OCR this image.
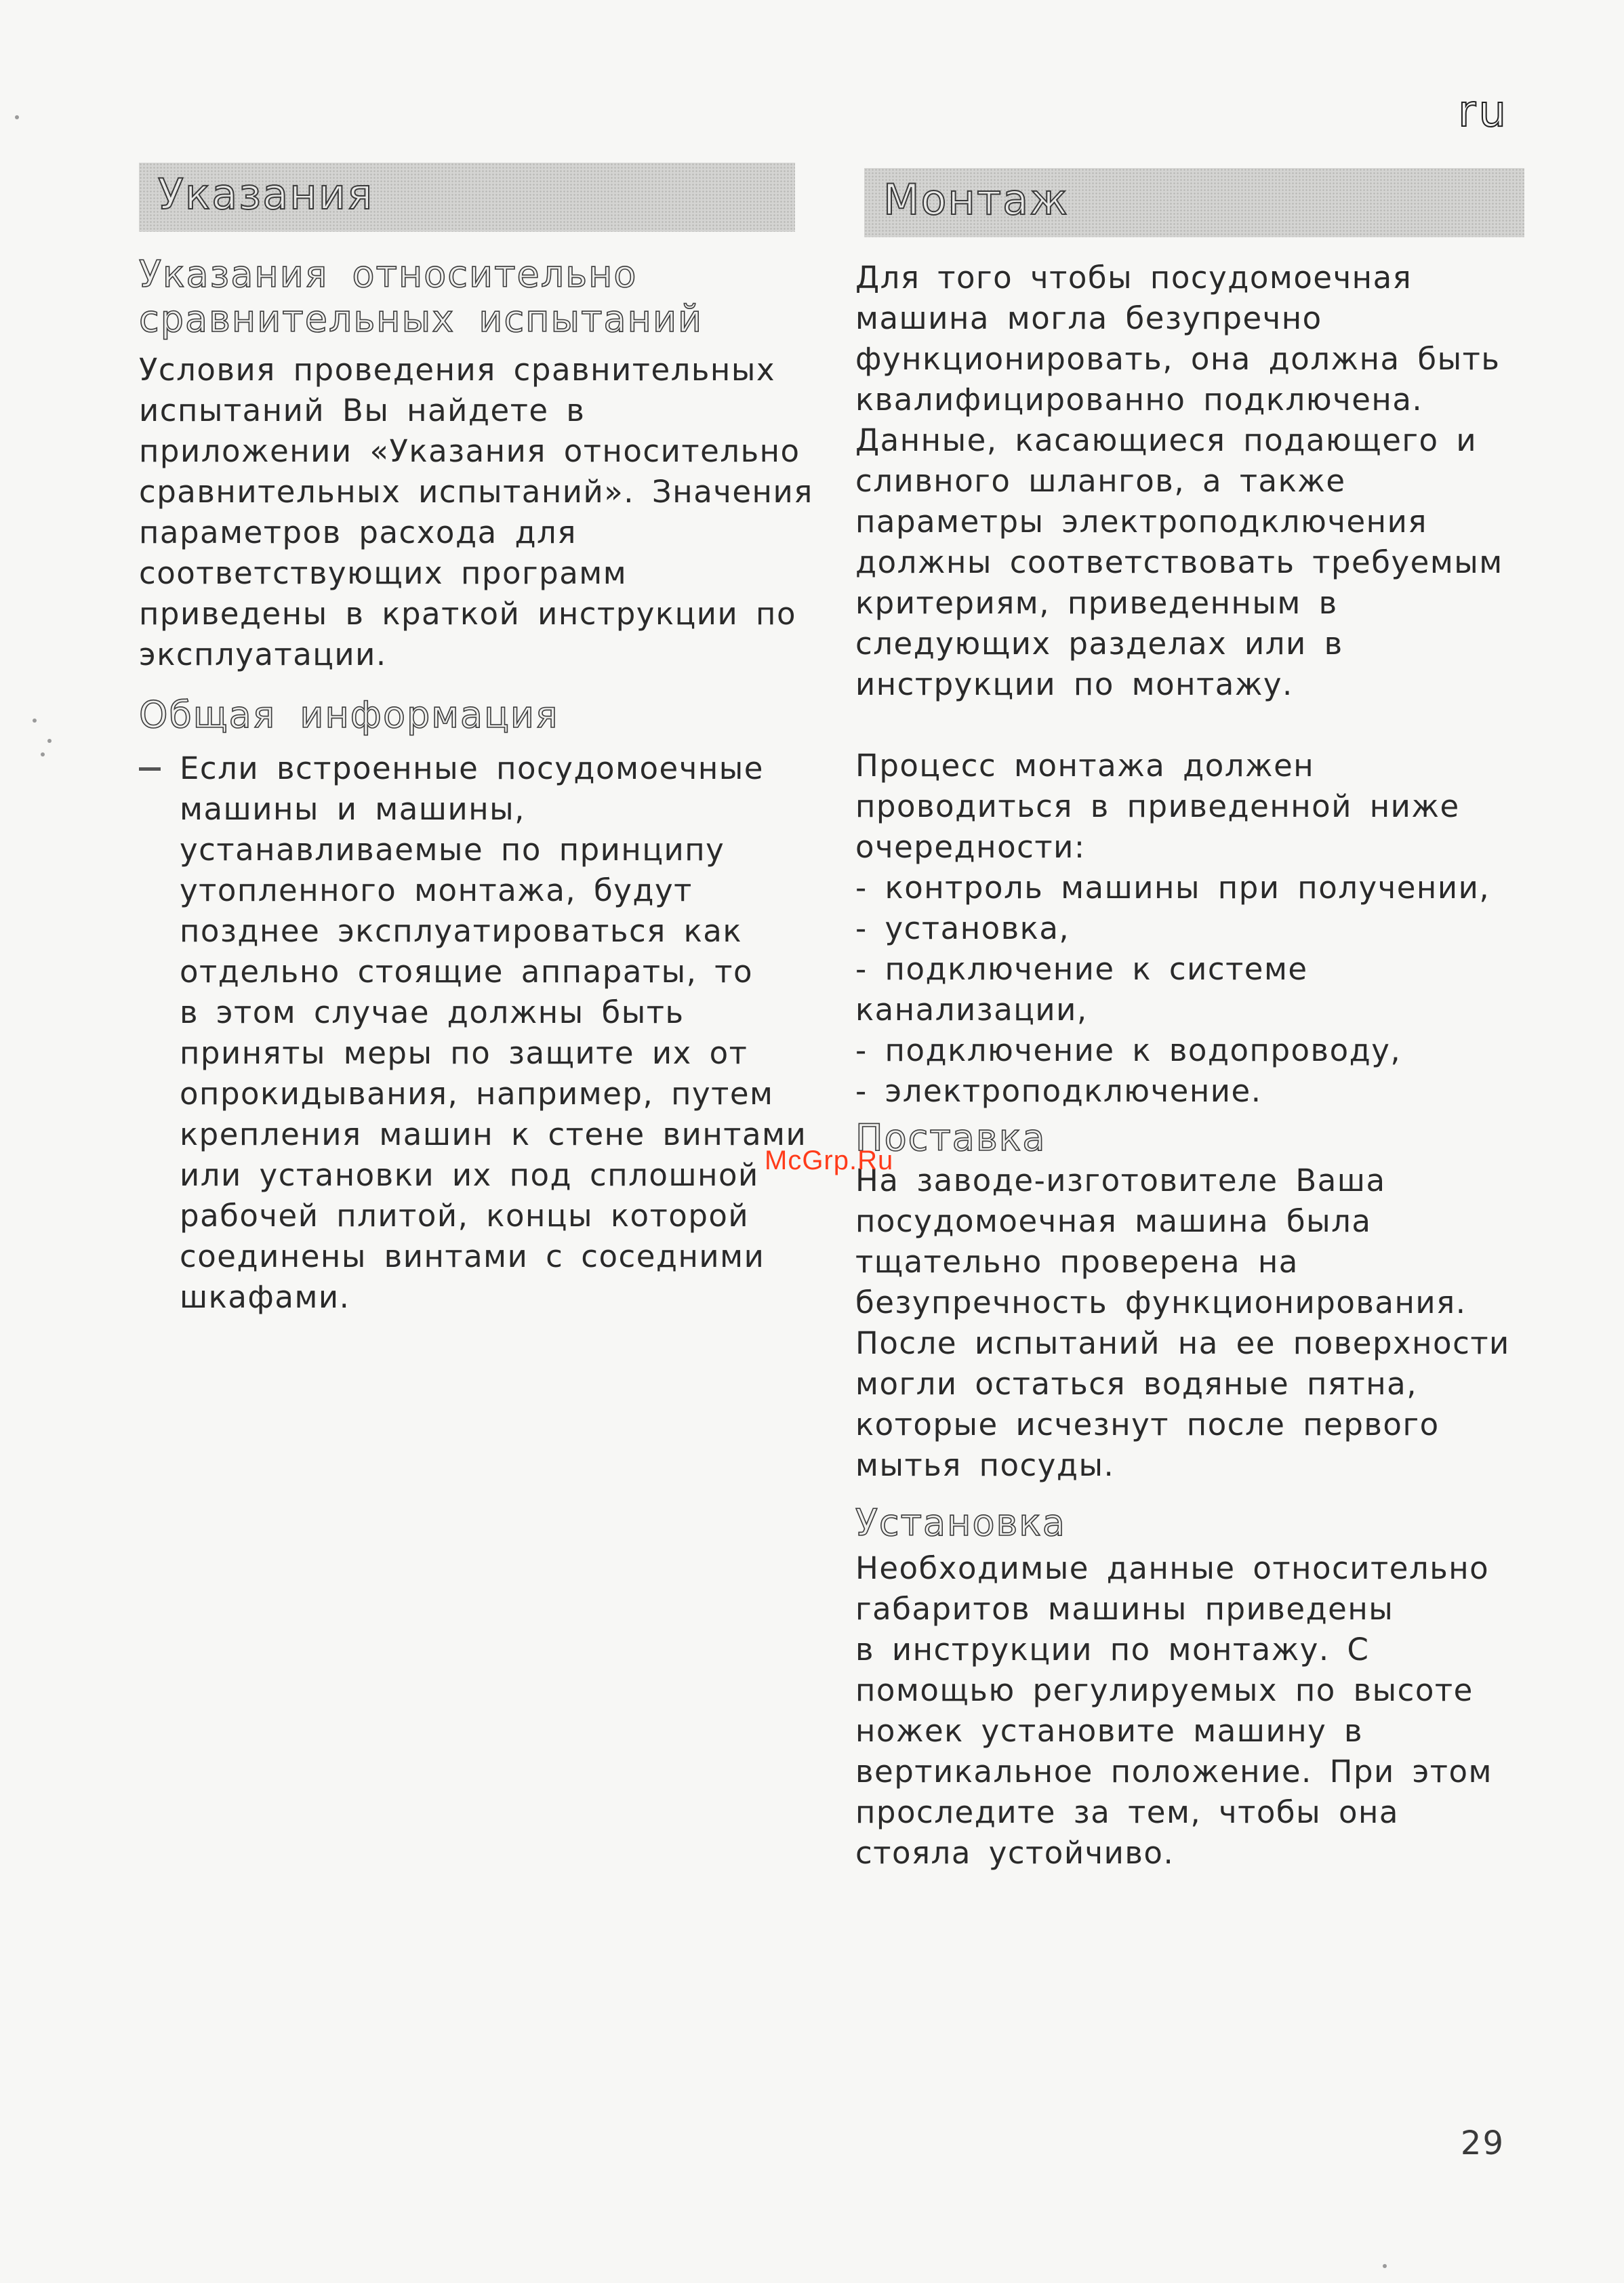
ru
Указания
Указания относительно
сравнительных испытаний
Условия проведения сравнительных
испытаний Вы найдете в
приложении «Указания относительно
сравнительных испытаний». Значения
параметров расхода для
соответствующих программ
приведены в краткой инструкции по
эксплуатации.
Общая информация
Если встроенные посудомоечные
машины и машины,
устанавливаемые по принципу
утопленного монтажа, будут
позднее эксплуатироваться как
отдельно стоящие аппараты, то
в этом случае должны быть
приняты меры по защите их от
опрокидывания, например, путем
крепления машин к стене винтами
или установки их под сплошной
рабочей плитой, концы которой
соединены винтами с соседними
шкафами.
Монтаж
Для того чтобы посудомоечная
машина могла безупречно
функционировать, она должна быть
квалифицированно подключена.
Данные, касающиеся подающего и
сливного шлангов, а также
параметры электроподключения
должны соответствовать требуемым
критериям, приведенным в
следующих разделах или в
инструкции по монтажу.
Процесс монтажа должен
проводиться в приведенной ниже
очередности:
- контроль машины при получении,
- установка,
- подключение к системе
канализации,
- подключение к водопроводу,
- электроподключение.
Поставка
На заводе-изготовителе Ваша
посудомоечная машина была
тщательно проверена на
безупречность функционирования.
После испытаний на ее поверхности
могли остаться водяные пятна,
которые исчезнут после первого
мытья посуды.
Установка
Необходимые данные относительно
габаритов машины приведены
в инструкции по монтажу. С
помощью регулируемых по высоте
ножек установите машину в
вертикальное положение. При этом
проследите за тем, чтобы она
стояла устойчиво.
McGrp.Ru
29
